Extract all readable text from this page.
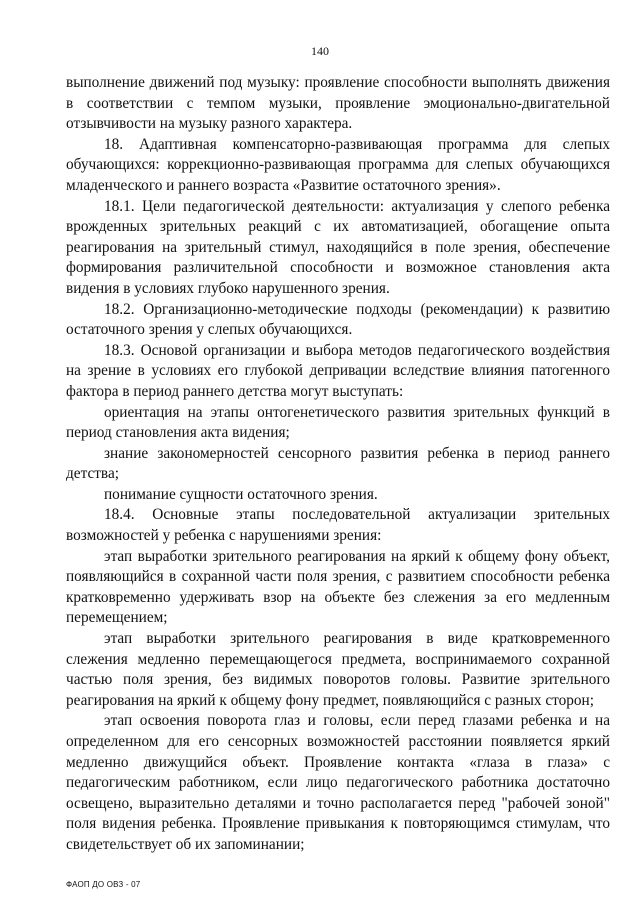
140

выполнение движений под музыку: проявление способности выполнять движения в соответствии с темпом музыки, проявление эмоционально-двигательной отзывчивости на музыку разного характера.

18. Адаптивная компенсаторно-развивающая программа для слепых обучающихся: коррекционно-развивающая программа для слепых обучающихся младенческого и раннего возраста «Развитие остаточного зрения».

18.1. Цели педагогической деятельности: актуализация у слепого ребенка врожденных зрительных реакций с их автоматизацией, обогащение опыта реагирования на зрительный стимул, находящийся в поле зрения, обеспечение формирования различительной способности и возможное становления акта видения в условиях глубоко нарушенного зрения.

18.2. Организационно-методические подходы (рекомендации) к развитию остаточного зрения у слепых обучающихся.

18.3. Основой организации и выбора методов педагогического воздействия на зрение в условиях его глубокой депривации вследствие влияния патогенного фактора в период раннего детства могут выступать:

ориентация на этапы онтогенетического развития зрительных функций в период становления акта видения;

знание закономерностей сенсорного развития ребенка в период раннего детства;

понимание сущности остаточного зрения.

18.4. Основные этапы последовательной актуализации зрительных возможностей у ребенка с нарушениями зрения:

этап выработки зрительного реагирования на яркий к общему фону объект, появляющийся в сохранной части поля зрения, с развитием способности ребенка кратковременно удерживать взор на объекте без слежения за его медленным перемещением;

этап выработки зрительного реагирования в виде кратковременного слежения медленно перемещающегося предмета, воспринимаемого сохранной частью поля зрения, без видимых поворотов головы. Развитие зрительного реагирования на яркий к общему фону предмет, появляющийся с разных сторон;

этап освоения поворота глаз и головы, если перед глазами ребенка и на определенном для его сенсорных возможностей расстоянии появляется яркий медленно движущийся объект. Проявление контакта «глаза в глаза» с педагогическим работником, если лицо педагогического работника достаточно освещено, выразительно деталями и точно располагается перед "рабочей зоной" поля видения ребенка. Проявление привыкания к повторяющимся стимулам, что свидетельствует об их запоминании;

ФАОП ДО ОВЗ - 07
